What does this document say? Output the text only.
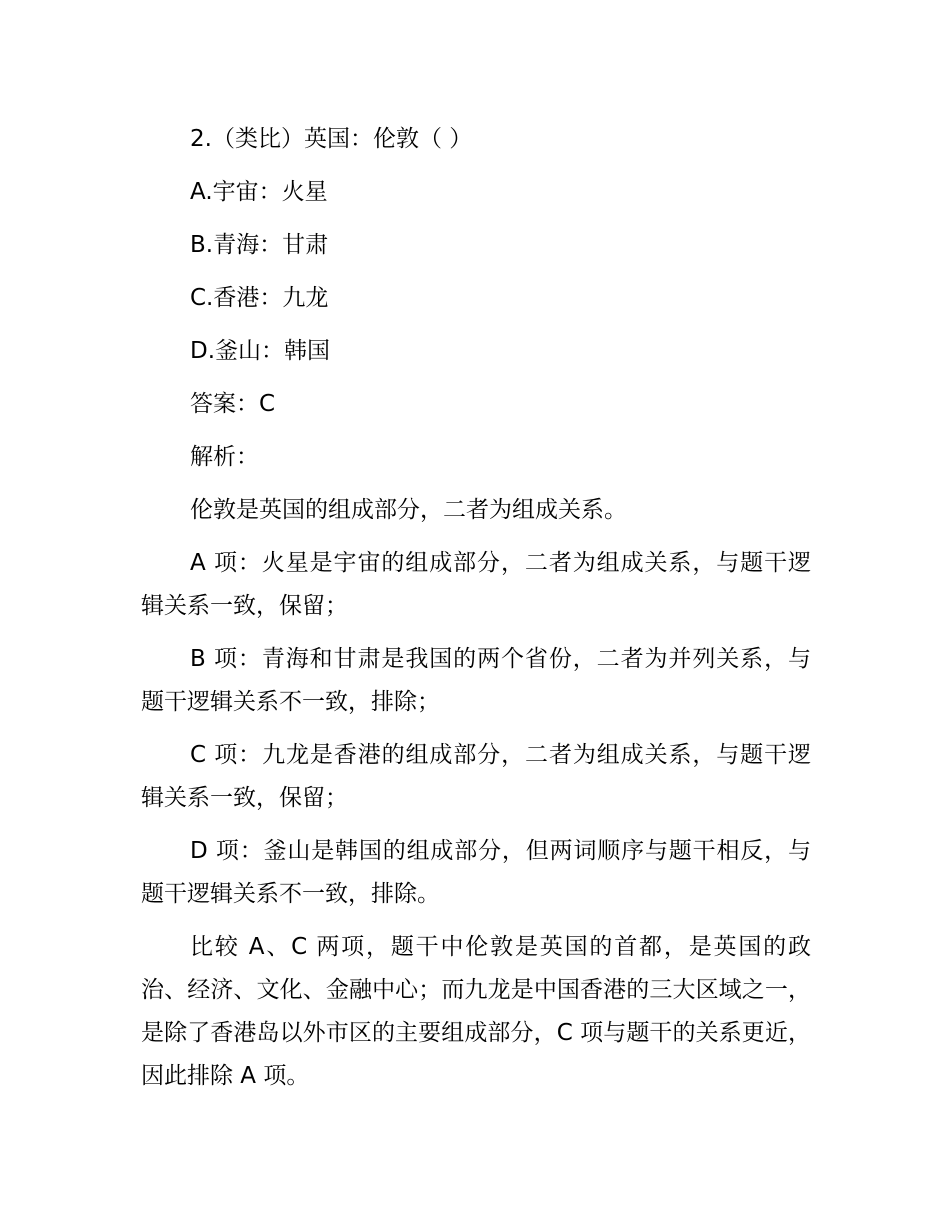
2.（类比）英国：伦敦（ ）
A.宇宙：火星
B.青海：甘肃
C.香港：九龙
D.釜山：韩国
答案：C
解析：
伦敦是英国的组成部分，二者为组成关系。
A 项：火星是宇宙的组成部分，二者为组成关系，与题干逻辑关系一致，保留；
B 项：青海和甘肃是我国的两个省份，二者为并列关系，与题干逻辑关系不一致，排除；
C 项：九龙是香港的组成部分，二者为组成关系，与题干逻辑关系一致，保留；
D 项：釜山是韩国的组成部分，但两词顺序与题干相反，与题干逻辑关系不一致，排除。
比较 A、C 两项，题干中伦敦是英国的首都，是英国的政治、经济、文化、金融中心；而九龙是中国香港的三大区域之一，是除了香港岛以外市区的主要组成部分，C 项与题干的关系更近，因此排除 A 项。
